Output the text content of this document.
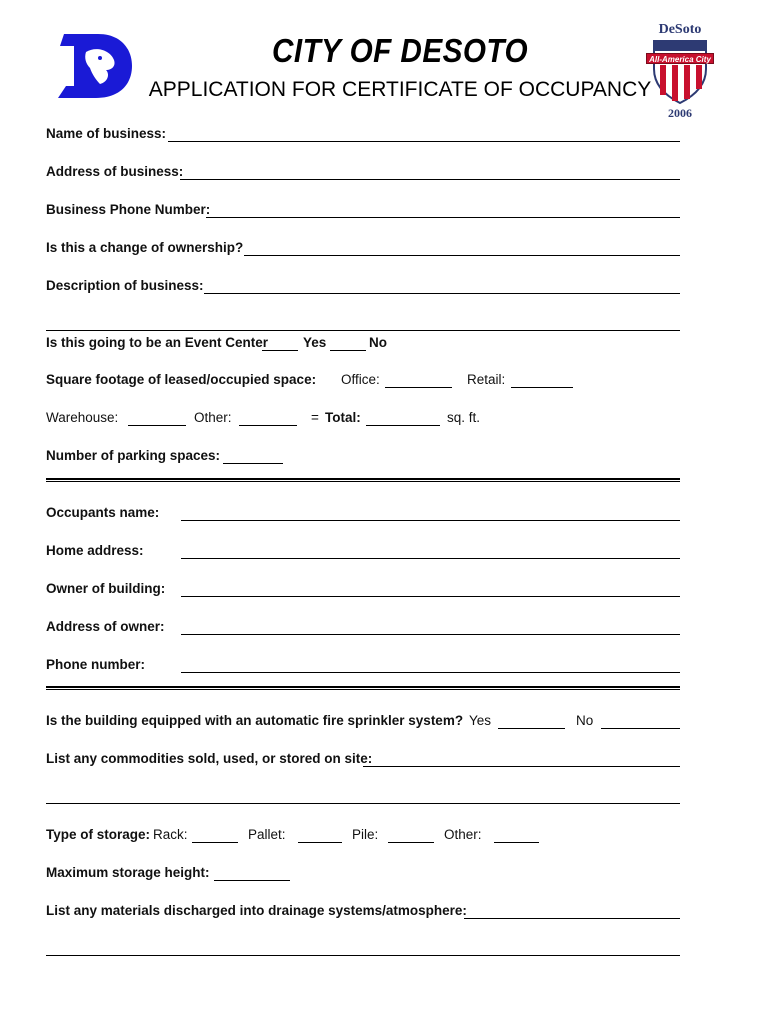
CITY OF DESOTO
APPLICATION FOR CERTIFICATE OF OCCUPANCY
DeSoto
All-America City
2006
Name of business:
Address of business:
Business Phone Number:
Is this a change of ownership?
Description of business:
Is this going to be an Event Center	Yes	No
Square footage of leased/occupied space: Office:	Retail:
Warehouse:	Other:	= Total:	sq. ft.
Number of parking spaces:
Occupants name:
Home address:
Owner of building:
Address of owner:
Phone number:
Is the building equipped with an automatic fire sprinkler system? Yes	No
List any commodities sold, used, or stored on site:
Type of storage: Rack:	Pallet:	Pile:	Other:
Maximum storage height:
List any materials discharged into drainage systems/atmosphere:
